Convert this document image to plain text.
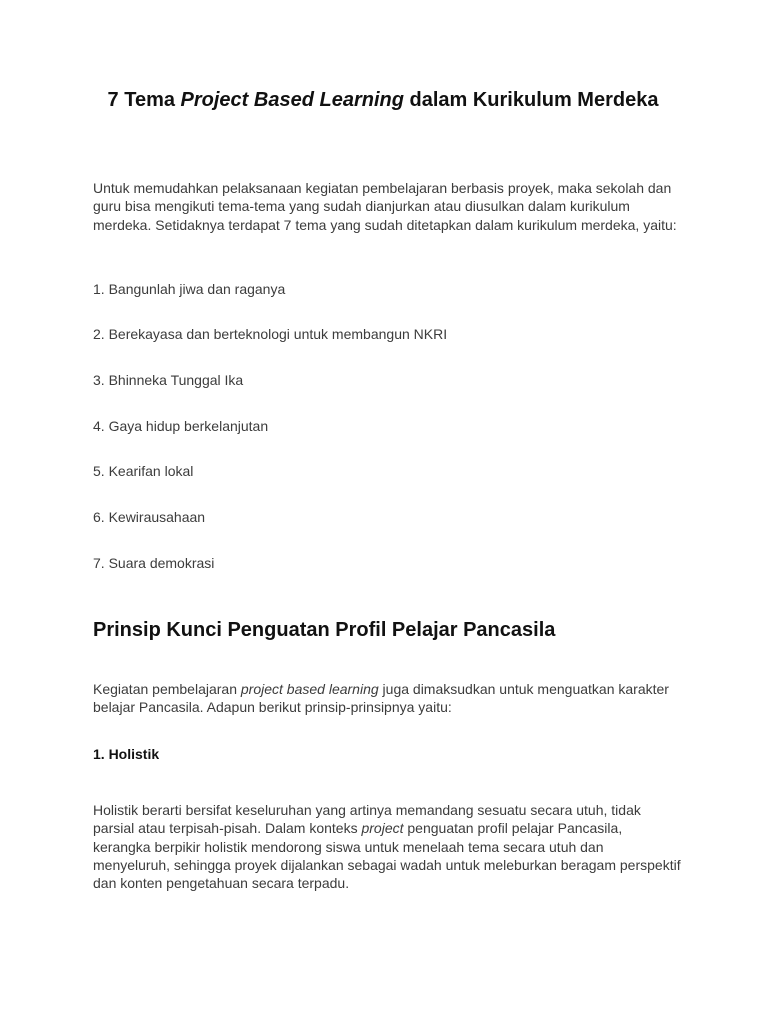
7 Tema Project Based Learning dalam Kurikulum Merdeka

Untuk memudahkan pelaksanaan kegiatan pembelajaran berbasis proyek, maka sekolah dan guru bisa mengikuti tema-tema yang sudah dianjurkan atau diusulkan dalam kurikulum merdeka. Setidaknya terdapat 7 tema yang sudah ditetapkan dalam kurikulum merdeka, yaitu:

1. Bangunlah jiwa dan raganya

2. Berekayasa dan berteknologi untuk membangun NKRI

3. Bhinneka Tunggal Ika

4. Gaya hidup berkelanjutan

5. Kearifan lokal

6. Kewirausahaan

7. Suara demokrasi

Prinsip Kunci Penguatan Profil Pelajar Pancasila

Kegiatan pembelajaran project based learning juga dimaksudkan untuk menguatkan karakter belajar Pancasila. Adapun berikut prinsip-prinsipnya yaitu:

1. Holistik

Holistik berarti bersifat keseluruhan yang artinya memandang sesuatu secara utuh, tidak parsial atau terpisah-pisah. Dalam konteks project penguatan profil pelajar Pancasila, kerangka berpikir holistik mendorong siswa untuk menelaah tema secara utuh dan menyeluruh, sehingga proyek dijalankan sebagai wadah untuk meleburkan beragam perspektif dan konten pengetahuan secara terpadu.
